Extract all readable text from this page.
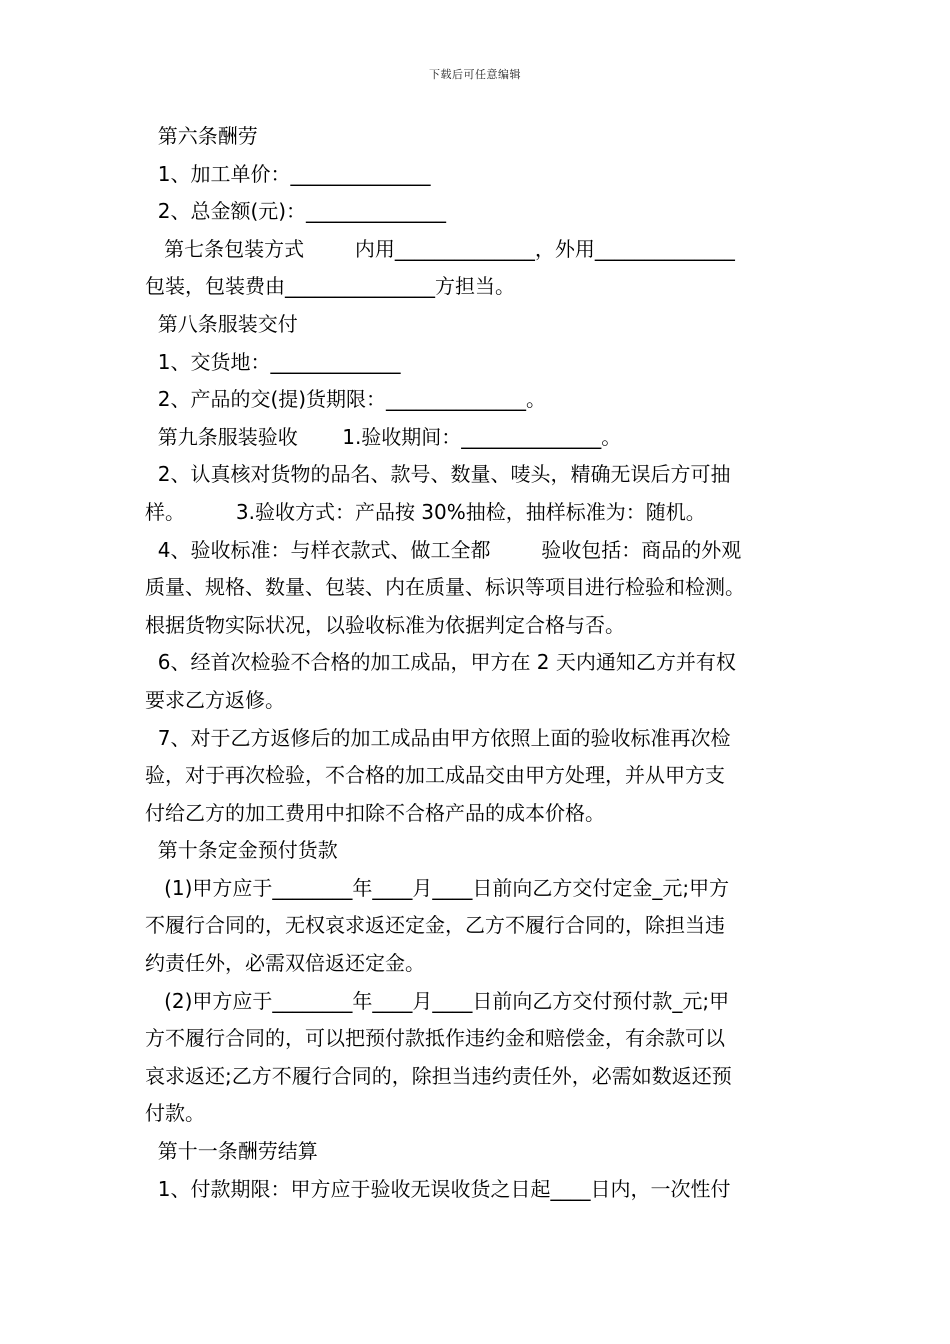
下载后可任意编辑
第六条酬劳
1、加工单价：______________
2、总金额(元)：______________
第七条包装方式        内用______________，外用______________
包装，包装费由_______________方担当。
第八条服装交付
1、交货地：_____________
2、产品的交(提)货期限：______________。
第九条服装验收       1.验收期间：______________。
2、认真核对货物的品名、款号、数量、唛头，精确无误后方可抽
样。        3.验收方式：产品按 30%抽检，抽样标准为：随机。
4、验收标准：与样衣款式、做工全都        验收包括：商品的外观
质量、规格、数量、包装、内在质量、标识等项目进行检验和检测。
根据货物实际状况，以验收标准为依据判定合格与否。
6、经首次检验不合格的加工成品，甲方在 2 天内通知乙方并有权
要求乙方返修。
7、对于乙方返修后的加工成品由甲方依照上面的验收标准再次检
验，对于再次检验，不合格的加工成品交由甲方处理，并从甲方支
付给乙方的加工费用中扣除不合格产品的成本价格。
第十条定金预付货款
(1)甲方应于________年____月____日前向乙方交付定金_元;甲方
不履行合同的，无权哀求返还定金，乙方不履行合同的，除担当违
约责任外，必需双倍返还定金。
(2)甲方应于________年____月____日前向乙方交付预付款_元;甲
方不履行合同的，可以把预付款抵作违约金和赔偿金，有余款可以
哀求返还;乙方不履行合同的，除担当违约责任外，必需如数返还预
付款。
第十一条酬劳结算
1、付款期限：甲方应于验收无误收货之日起____日内，一次性付
